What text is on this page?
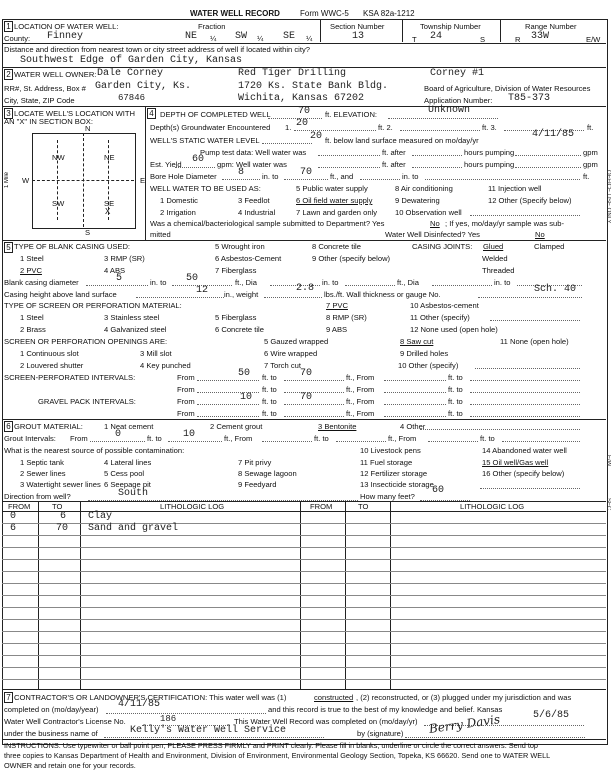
WATER WELL RECORD	Form WWC-5 KSA 82a-1212
1 LOCATION OF WATER WELL:	Fraction	Section Number	Township Number	Range Number
County: Finney	NE ¼ SW ¼ SE ¼	13	T 24	S	R 33W	E/W
Distance and direction from nearest town or city street address of well if located within city?
Southwest Edge of Garden City, Kansas
2 WATER WELL OWNER: Dale Corney	Red Tiger Drilling	Corney #1
RR#, St. Address, Box # Garden City, Ks.	1720 Ks. State Bank Bldg.	Board of Agriculture, Division of Water Resources
City, State, ZIP Code	67846	Wichita, Kansas 67202	Application Number: T85-373
3 LOCATE WELL'S LOCATION WITH
AN "X" IN SECTION BOX:
N
S
E
W
1 Mile
NW	NE
SW	SE
X
4 DEPTH OF COMPLETED WELL	70 ft. ELEVATION:	Unknown
Depth(s) Groundwater Encountered 1. 20	ft. 2.	ft. 3.	ft.
WELL'S STATIC WATER LEVEL	20 ft. below land surface measured on mo/day/yr
4/11/85
Pump test data: Well water was	ft. after	hours pumping	gpm
Est. Yield 60 gpm: Well water was	ft. after	hours pumping	gpm
Bore Hole Diameter 8 in. to 70 ft., and	in. to	ft.
WELL WATER TO BE USED AS:	5 Public water supply	8 Air conditioning	11 Injection well
1 Domestic	3 Feedlot	6 Oil field water supply	9 Dewatering	12 Other (Specify below)
2 Irrigation	4 Industrial	7 Lawn and garden only 10 Observation well
Was a chemical/bacteriological sample submitted to Department? Yes	No ; If yes, mo/day/yr sample was sub-
mitted	Water Well Disinfected? Yes	No
5 TYPE OF BLANK CASING USED:	5 Wrought iron	8 Concrete tile	CASING JOINTS: Glued	Clamped
1 Steel	3 RMP (SR)	6 Asbestos-Cement	9 Other (specify below)	Welded
2 PVC	4 ABS	7 Fiberglass	Threaded
Blank casing diameter	5	in. to 50	ft., Dia	in. to	ft., Dia	in. to
Casing height above land surface	12 in., weight
2.8
lbs./ft. Wall thickness or gauge No.	Sch. 40
TYPE OF SCREEN OR PERFORATION MATERIAL:	7 PVC	10 Asbestos-cement
1 Steel	3 Stainless steel	5 Fiberglass	8 RMP (SR)	11 Other (specify)
2 Brass	4 Galvanized steel	6 Concrete tile	9 ABS	12 None used (open hole)
SCREEN OR PERFORATION OPENINGS ARE:	5 Gauzed wrapped	8 Saw cut	11 None (open hole)
1 Continuous slot	3 Mill slot	6 Wire wrapped	9 Drilled holes
2 Louvered shutter	4 Key punched	7 Torch cut	10 Other (specify)
SCREEN-PERFORATED INTERVALS:	From	50 ft. to 70	ft., From	ft. to
From	ft. to	ft., From	ft. to
GRAVEL PACK INTERVALS:	From	10 ft. to 70	ft., From	ft. to
From	ft. to	ft., From	ft. to
6 GROUT MATERIAL:	1 Neat cement	2 Cement grout	3 Bentonite	4 Other
Grout Intervals: From	0	ft. to 10	ft., From	ft. to	ft., From	ft. to
What is the nearest source of possible contamination:	10 Livestock pens	14 Abandoned water well
1 Septic tank	4 Lateral lines	7 Pit privy	11 Fuel storage	15 Oil well/Gas well
2 Sewer lines	5 Cess pool	8 Sewage lagoon	12 Fertilizer storage	16 Other (specify below)
3 Watertight sewer lines 6 Seepage pit	9 Feedyard	13 Insecticide storage
Direction from well?	South	How many feet?
60
FROM	TO	LITHOLOGIC LOG	FROM	TO	LITHOLOGIC LOG
0	6 Clay
6	70 Sand and gravel
7 CONTRACTOR'S OR LANDOWNER'S CERTIFICATION: This water well was (1)	constructed , (2) reconstructed, or (3) plugged under my jurisdiction and was
completed on (mo/day/year) 4/11/85	and this record is true to the best of my knowledge and belief. Kansas
Water Well Contractor's License No.	186	This Water Well Record was completed on (mo/day/yr)
5/6/85
under the business name of	Kelly's Water Well Service	by (signature) Berry Davis
INSTRUCTIONS: Use typewriter or ball point pen, PLEASE PRESS FIRMLY and PRINT clearly. Please fill in blanks, underline or circle the correct answers. Send top
three copies to Kansas Department of Health and Environment, Division of Environment, Environmental Geology Section, Topeka, KS 66620. Send one to WATER WELL
OWNER and retain one for your records.
OFFICE USE ONLY
E/W
SEC.
